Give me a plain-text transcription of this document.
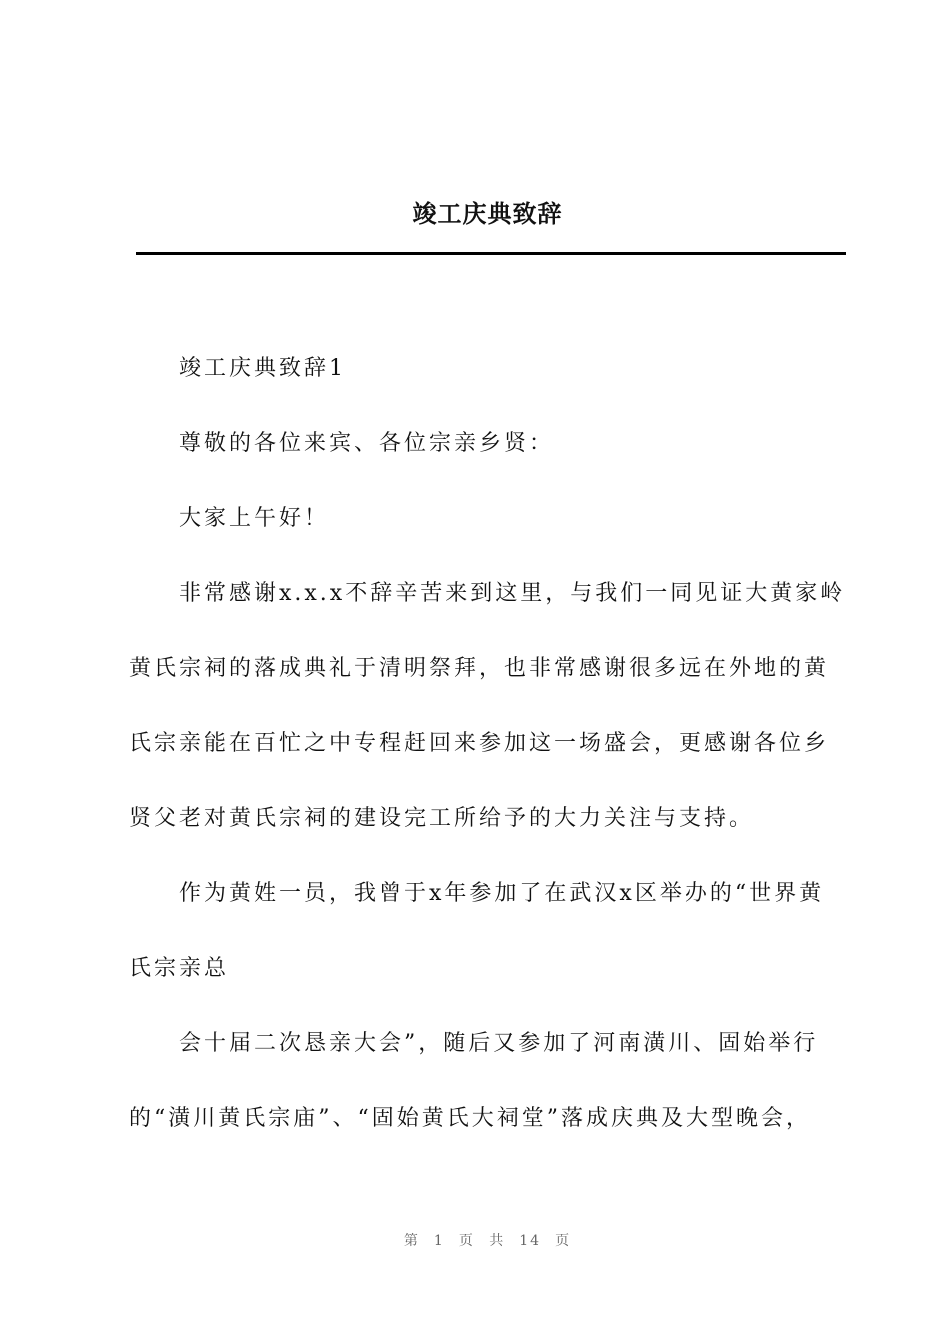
竣工庆典致辞

竣工庆典致辞1

尊敬的各位来宾、各位宗亲乡贤：

大家上午好！

非常感谢x.x.x不辞辛苦来到这里，与我们一同见证大黄家岭黄氏宗祠的落成典礼于清明祭拜，也非常感谢很多远在外地的黄氏宗亲能在百忙之中专程赶回来参加这一场盛会，更感谢各位乡贤父老对黄氏宗祠的建设完工所给予的大力关注与支持。

作为黄姓一员，我曾于x年参加了在武汉x区举办的“世界黄氏宗亲总

会十届二次恳亲大会”，随后又参加了河南潢川、固始举行的“潢川黄氏宗庙”、“固始黄氏大祠堂”落成庆典及大型晚会，

第 1 页 共 14 页
